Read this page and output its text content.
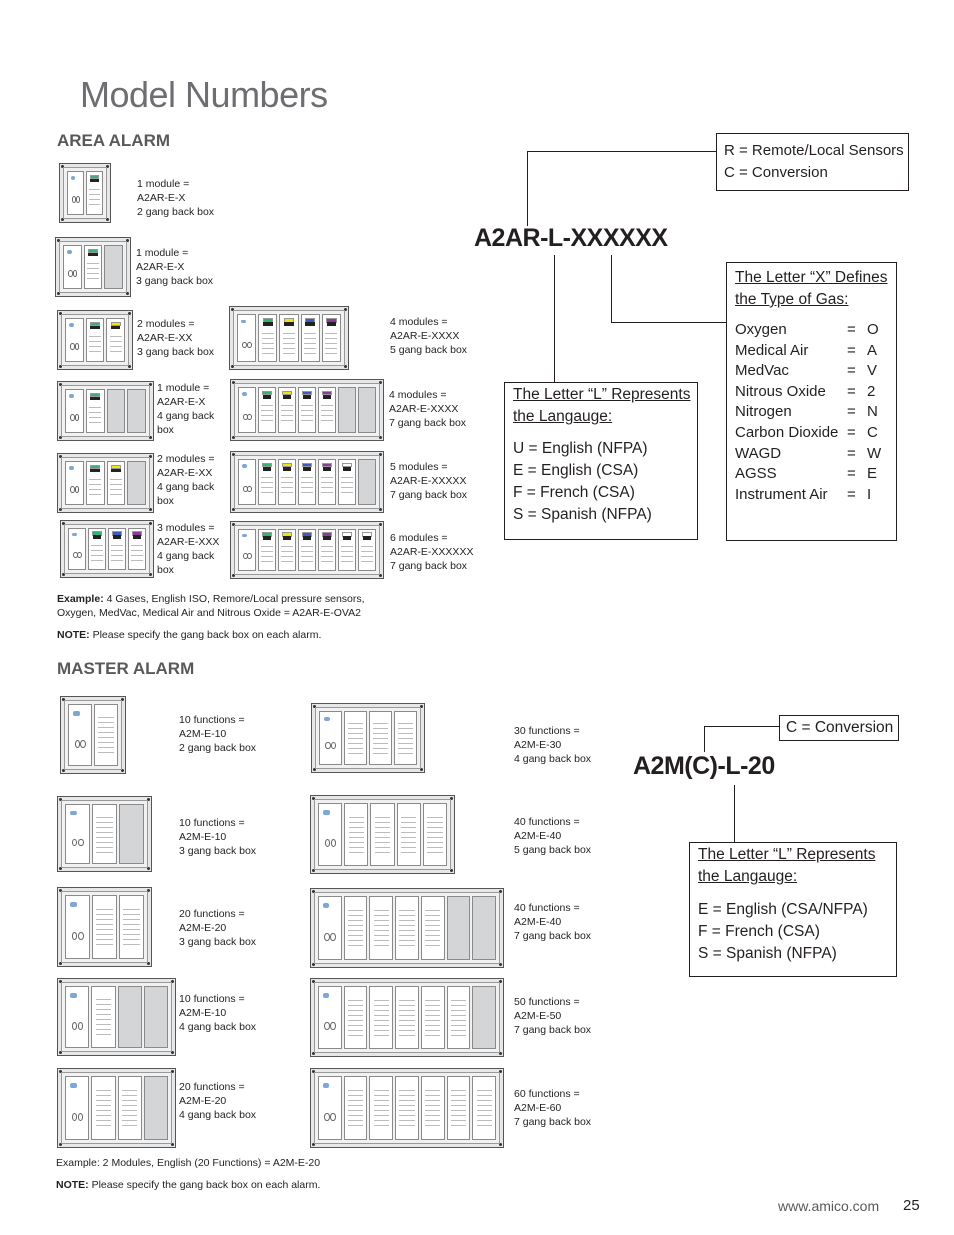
Model Numbers
AREA ALARM
1 module =
A2AR-E-X
2 gang back box
1 module =
A2AR-E-X
3 gang back box
2 modules =
A2AR-E-XX
3 gang back box
1 module =
A2AR-E-X
4 gang back
box
2 modules =
A2AR-E-XX
4 gang back
box
3 modules =
A2AR-E-XXX
4 gang back
box
4 modules =
A2AR-E-XXXX
5 gang back box
4 modules =
A2AR-E-XXXX
7 gang back box
5 modules =
A2AR-E-XXXXX
7 gang back box
6 modules =
A2AR-E-XXXXXX
7 gang back box
Example: 4 Gases, English ISO, Remore/Local pressure sensors,
Oxygen, MedVac, Medical Air and Nitrous Oxide = A2AR-E-OVA2
NOTE: Please specify the gang back box on each alarm.
R = Remote/Local Sensors
C = Conversion
A2AR-L-XXXXXX
The Letter “L” Represents
the Langauge:
U = English (NFPA)
E = English (CSA)
F = French (CSA)
S = Spanish (NFPA)
The Letter “X” Defines
the Type of Gas:
Oxygen	= O
Medical Air	= A
MedVac	= V
Nitrous Oxide	= 2
Nitrogen	= N
Carbon Dioxide = C
WAGD	= W
AGSS	= E
Instrument Air	= I
MASTER ALARM
10 functions =
A2M-E-10
2 gang back box
10 functions =
A2M-E-10
3 gang back box
20 functions =
A2M-E-20
3 gang back box
10 functions =
A2M-E-10
4 gang back box
20 functions =
A2M-E-20
4 gang back box
30 functions =
A2M-E-30
4 gang back box
40 functions =
A2M-E-40
5 gang back box
40 functions =
A2M-E-40
7 gang back box
50 functions =
A2M-E-50
7 gang back box
60 functions =
A2M-E-60
7 gang back box
Example: 2 Modules, English (20 Functions) = A2M-E-20
NOTE: Please specify the gang back box on each alarm.
C = Conversion
A2M(C)-L-20
The Letter “L” Represents
the Langauge:
E = English (CSA/NFPA)
F = French (CSA)
S = Spanish (NFPA)
www.amico.com 25
